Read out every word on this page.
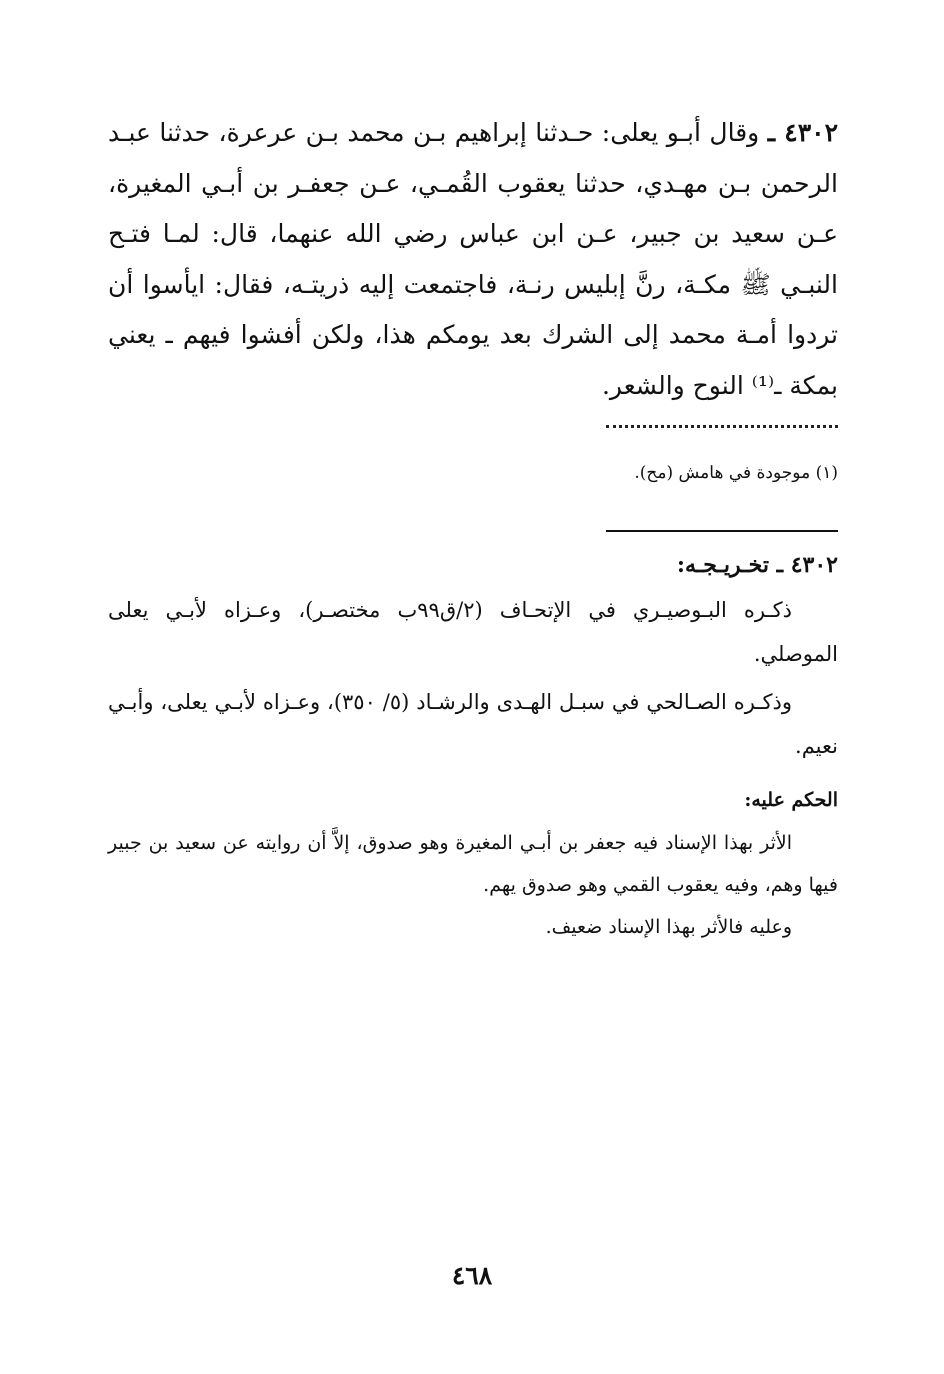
٤٣٠٢ ـ وقال أبـو يعلى: حـدثنا إبراهيم بـن محمد بـن عرعرة، حدثنا عبـد الرحمن بـن مهـدي، حدثنا يعقوب القُمـي، عـن جعفـر بن أبـي المغيرة، عـن سعيد بن جبير، عـن ابن عباس رضي الله عنهما، قال: لمـا فتـح النبـي ﷺ مكـة، رنَّ إبليس رنـة، فاجتمعت إليه ذريتـه، فقال: ايأسوا أن تردوا أمـة محمد إلى الشرك بعد يومكم هذا، ولكن أفشوا فيهم ـ يعني بمكة ـ⁽¹⁾ النوح والشعر.

(١) موجودة في هامش (مح).

٤٣٠٢ ـ تخـريـجـه:

ذكـره البـوصيـري في الإتحـاف (٢/ق٩٩ب مختصـر)، وعـزاه لأبـي يعلى الموصلي.

وذكـره الصـالحي في سبـل الهـدى والرشـاد (٥/ ٣٥٠)، وعـزاه لأبـي يعلى، وأبـي نعيم.

الحكم عليه:

الأثر بهذا الإسناد فيه جعفر بن أبـي المغيرة وهو صدوق، إلاَّ أن روايته عن سعيد بن جبير فيها وهم، وفيه يعقوب القمي وهو صدوق يهم.

وعليه فالأثر بهذا الإسناد ضعيف.

٤٦٨
